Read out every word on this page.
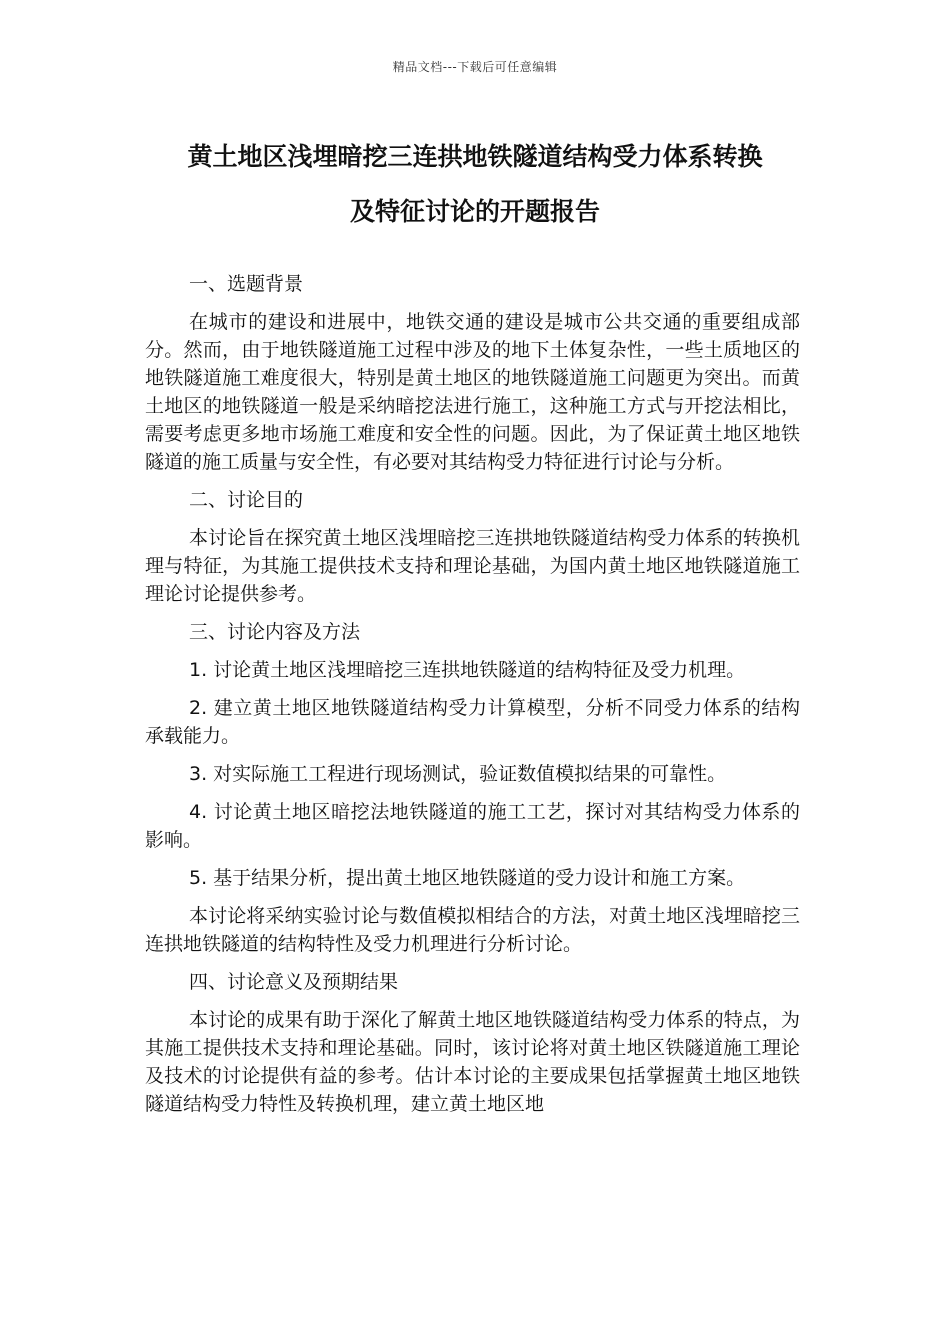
精品文档---下载后可任意编辑
黄土地区浅埋暗挖三连拱地铁隧道结构受力体系转换
及特征讨论的开题报告

一、选题背景

在城市的建设和进展中，地铁交通的建设是城市公共交通的重要组成部分。然而，由于地铁隧道施工过程中涉及的地下土体复杂性，一些土质地区的地铁隧道施工难度很大，特别是黄土地区的地铁隧道施工问题更为突出。而黄土地区的地铁隧道一般是采纳暗挖法进行施工，这种施工方式与开挖法相比，需要考虑更多地市场施工难度和安全性的问题。因此，为了保证黄土地区地铁隧道的施工质量与安全性，有必要对其结构受力特征进行讨论与分析。

二、讨论目的

本讨论旨在探究黄土地区浅埋暗挖三连拱地铁隧道结构受力体系的转换机理与特征，为其施工提供技术支持和理论基础，为国内黄土地区地铁隧道施工理论讨论提供参考。

三、讨论内容及方法

1. 讨论黄土地区浅埋暗挖三连拱地铁隧道的结构特征及受力机理。

2. 建立黄土地区地铁隧道结构受力计算模型，分析不同受力体系的结构承载能力。

3. 对实际施工工程进行现场测试，验证数值模拟结果的可靠性。

4. 讨论黄土地区暗挖法地铁隧道的施工工艺，探讨对其结构受力体系的影响。

5. 基于结果分析，提出黄土地区地铁隧道的受力设计和施工方案。

本讨论将采纳实验讨论与数值模拟相结合的方法，对黄土地区浅埋暗挖三连拱地铁隧道的结构特性及受力机理进行分析讨论。

四、讨论意义及预期结果

本讨论的成果有助于深化了解黄土地区地铁隧道结构受力体系的特点，为其施工提供技术支持和理论基础。同时，该讨论将对黄土地区铁隧道施工理论及技术的讨论提供有益的参考。估计本讨论的主要成果包括掌握黄土地区地铁隧道结构受力特性及转换机理，建立黄土地区地
